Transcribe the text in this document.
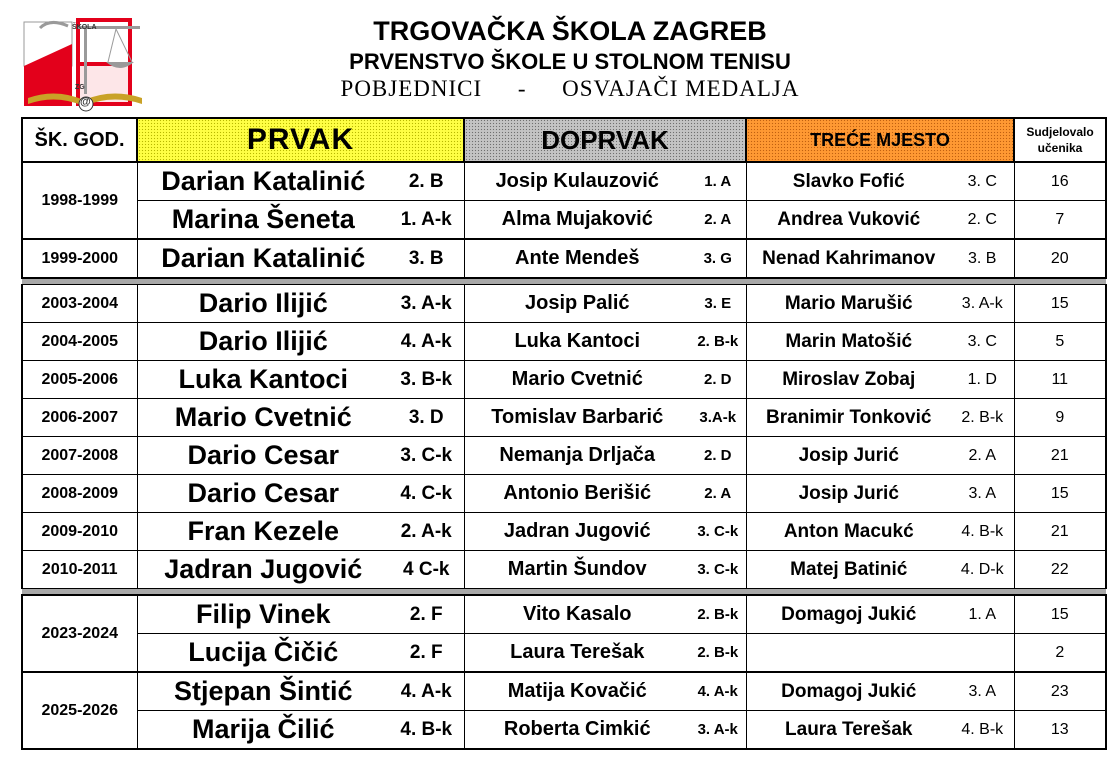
ŠKOLA
ZG
@
TRGOVAČKA ŠKOLA ZAGREB
PRVENSTVO ŠKOLE U STOLNOM TENISU
POBJEDNICI - OSVAJAČI MEDALJA
ŠK. GOD.	PRVAK		DOPRVAK		TREĆE MJESTO		Sudjelovalo učenika
1998-1999	Darian Katalinić	2. B	Josip Kulauzović	1. A	Slavko Fofić	3. C	16
	Marina Šeneta	1. A-k	Alma Mujaković	2. A	Andrea Vuković	2. C	7
1999-2000	Darian Katalinić	3. B	Ante Mendeš	3. G	Nenad Kahrimanov	3. B	20

2003-2004	Dario Ilijić	3. A-k	Josip Palić	3. E	Mario Marušić	3. A-k	15
2004-2005	Dario Ilijić	4. A-k	Luka Kantoci	2. B-k	Marin Matošić	3. C	5
2005-2006	Luka Kantoci	3. B-k	Mario Cvetnić	2. D	Miroslav Zobaj	1. D	11
2006-2007	Mario Cvetnić	3. D	Tomislav Barbarić	3.A-k	Branimir Tonković	2. B-k	9
2007-2008	Dario Cesar	3. C-k	Nemanja Drljača	2. D	Josip Jurić	2. A	21
2008-2009	Dario Cesar	4. C-k	Antonio Berišić	2. A	Josip Jurić	3. A	15
2009-2010	Fran Kezele	2. A-k	Jadran Jugović	3. C-k	Anton Macukć	4. B-k	21
2010-2011	Jadran Jugović	4 C-k	Martin Šundov	3. C-k	Matej Batinić	4. D-k	22

2023-2024	Filip Vinek	2. F	Vito Kasalo	2. B-k	Domagoj Jukić	1. A	15
	Lucija Čičić	2. F	Laura Terešak	2. B-k			2
2025-2026	Stjepan Šintić	4. A-k	Matija Kovačić	4. A-k	Domagoj Jukić	3. A	23
	Marija Čilić	4. B-k	Roberta Cimkić	3. A-k	Laura Terešak	4. B-k	13
